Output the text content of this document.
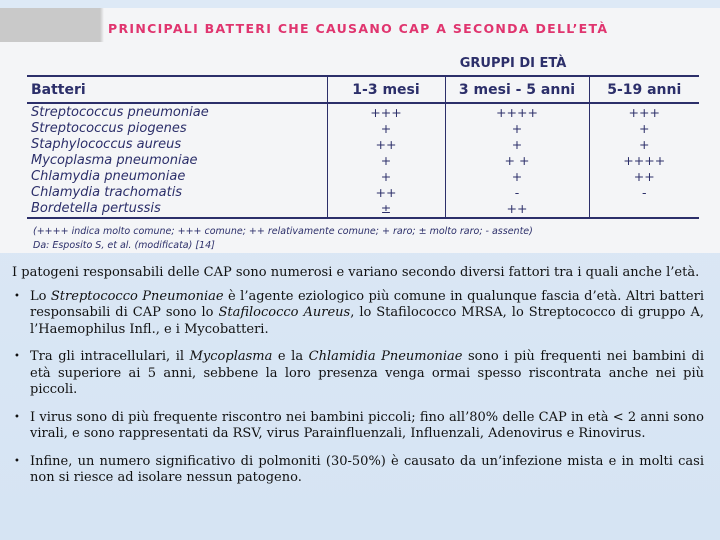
PRINCIPALI BATTERI CHE CAUSANO CAP A SECONDA DELL’ETÀ
	GRUPPI DI ETÀ		
Batteri	1-3 mesi	3 mesi - 5 anni	5-19 anni
Streptococcus pneumoniae	+++	++++	+++
Streptococcus piogenes	+	+	+
Staphylococcus aureus	++	+	+
Mycoplasma pneumoniae	+	+ +	++++
Chlamydia pneumoniae	+	+	++
Chlamydia trachomatis	++	-	-
Bordetella pertussis	±	++	
(++++ indica molto comune; +++ comune; ++ relativamente comune; + raro; ± molto raro; - assente)
Da: Esposito S, et al. (modificata) [14]

I patogeni responsabili delle CAP sono numerosi e variano secondo diversi fattori tra i quali anche l’età.

• Lo Streptococco Pneumoniae è l’agente eziologico più comune in qualunque fascia d’età. Altri batteri responsabili di CAP sono lo Stafilococco Aureus, lo Stafilococco MRSA, lo Streptococco di gruppo A, l’Haemophilus Infl., e i Mycobatteri.
• Tra gli intracellulari, il Mycoplasma e la Chlamidia Pneumoniae sono i più frequenti nei bambini di età superiore ai 5 anni, sebbene la loro presenza venga ormai spesso riscontrata anche nei più piccoli.
• I virus sono di più frequente riscontro nei bambini piccoli; fino all’80% delle CAP in età < 2 anni sono virali, e sono rappresentati da RSV, virus Parainfluenzali, Influenzali, Adenovirus e Rinovirus.
• Infine, un numero significativo di polmoniti (30-50%) è causato da un’infezione mista e in molti casi non si riesce ad isolare nessun patogeno.
